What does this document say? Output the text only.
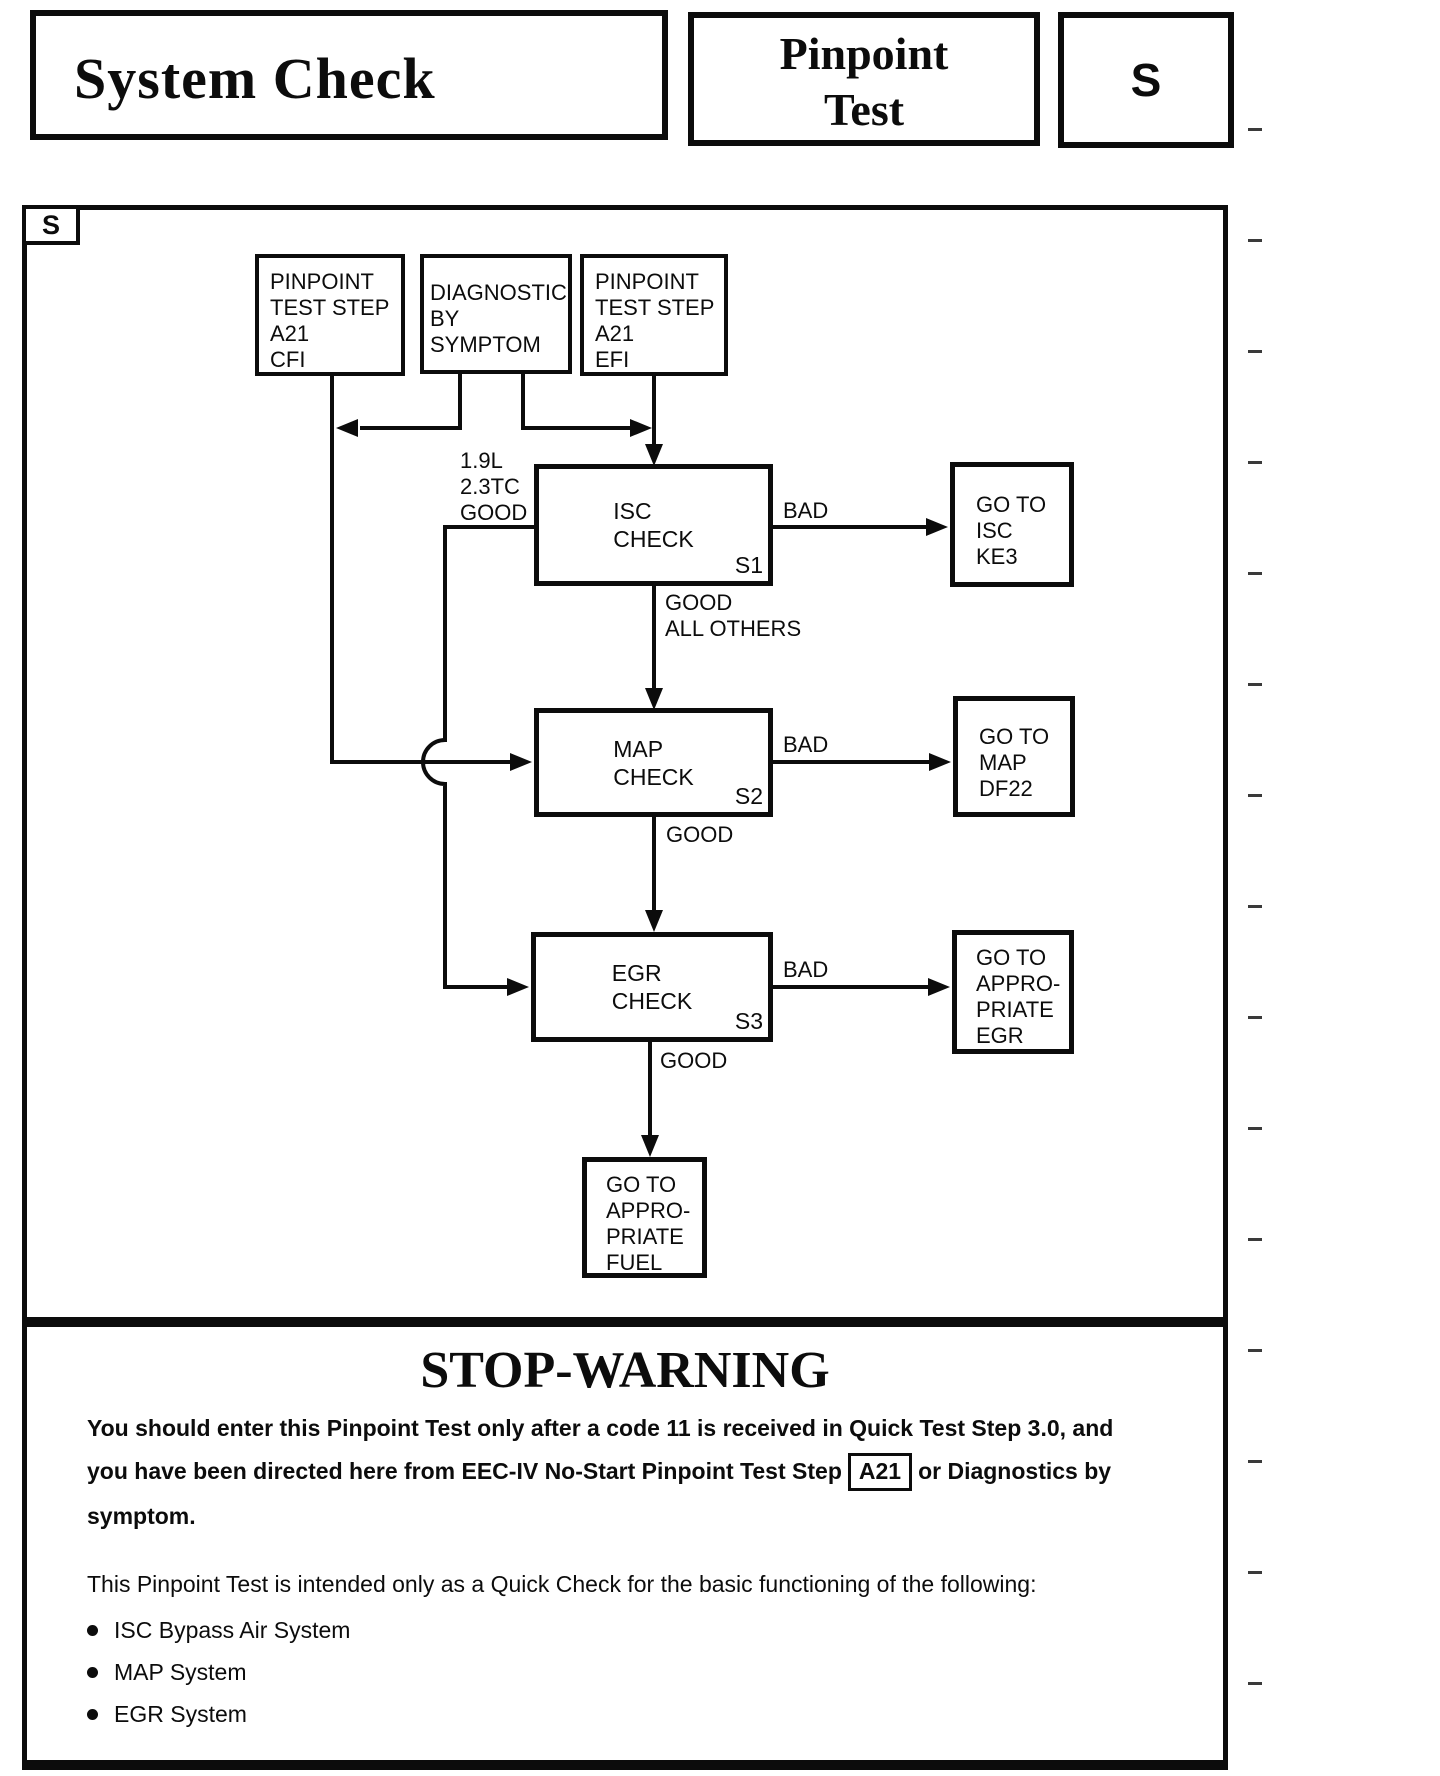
System Check	Pinpoint
Test
S
S
PINPOINT
TEST STEP
A21
CFI
DIAGNOSTIC
BY
SYMPTOM
PINPOINT
TEST STEP
A21
EFI
ISC
CHECK
S1
MAP
CHECK
S2
EGR
CHECK
S3
GO TO
ISC
KE3
GO TO
MAP
DF22
GO TO
APPRO-
PRIATE
EGR
GO TO
APPRO-
PRIATE
FUEL
1.9L
2.3TC
GOOD	BAD
GOOD
ALL OTHERS
BAD
GOOD
BAD
GOOD
STOP-WARNING
You should enter this Pinpoint Test only after a code 11 is received in Quick Test Step 3.0, and
you have been directed here from EEC-IV No-Start Pinpoint Test Step A21 or Diagnostics by
symptom.
This Pinpoint Test is intended only as a Quick Check for the basic functioning of the following:
ISC Bypass Air System
MAP System
EGR System
